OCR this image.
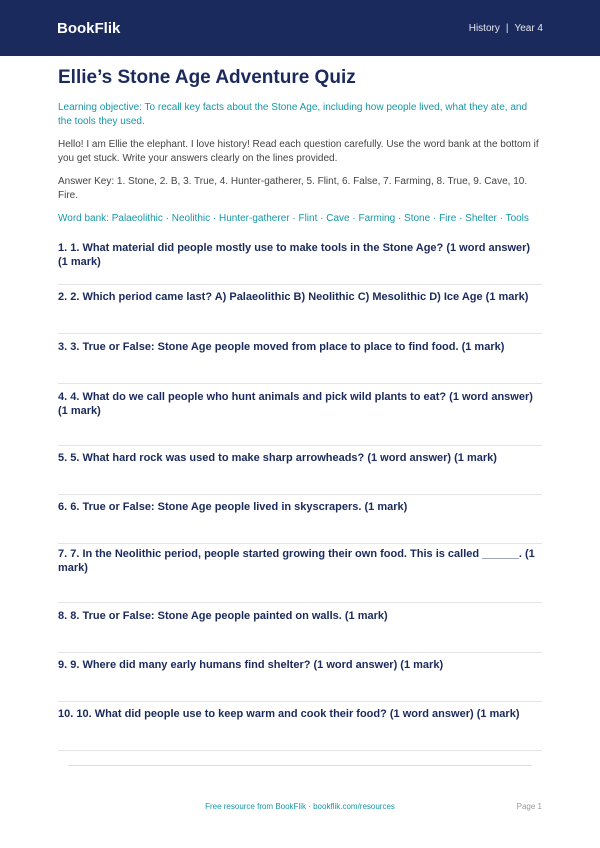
BookFlik	History | Year 4
Ellie’s Stone Age Adventure Quiz
Learning objective: To recall key facts about the Stone Age, including how people lived, what they ate, and the tools they used.
Hello! I am Ellie the elephant. I love history! Read each question carefully. Use the word bank at the bottom if you get stuck. Write your answers clearly on the lines provided.
Answer Key: 1. Stone, 2. B, 3. True, 4. Hunter-gatherer, 5. Flint, 6. False, 7. Farming, 8. True, 9. Cave, 10. Fire.
Word bank: Palaeolithic · Neolithic · Hunter-gatherer · Flint · Cave · Farming · Stone · Fire · Shelter · Tools

1. 1. What material did people mostly use to make tools in the Stone Age? (1 word answer) (1 mark)

2. 2. Which period came last? A) Palaeolithic B) Neolithic C) Mesolithic D) Ice Age (1 mark)

3. 3. True or False: Stone Age people moved from place to place to find food. (1 mark)

4. 4. What do we call people who hunt animals and pick wild plants to eat? (1 word answer) (1 mark)

5. 5. What hard rock was used to make sharp arrowheads? (1 word answer) (1 mark)

6. 6. True or False: Stone Age people lived in skyscrapers. (1 mark)

7. 7. In the Neolithic period, people started growing their own food. This is called ______. (1 mark)

8. 8. True or False: Stone Age people painted on walls. (1 mark)

9. 9. Where did many early humans find shelter? (1 word answer) (1 mark)

10. 10. What did people use to keep warm and cook their food? (1 word answer) (1 mark)

Free resource from BookFlik · bookflik.com/resources	Page 1
